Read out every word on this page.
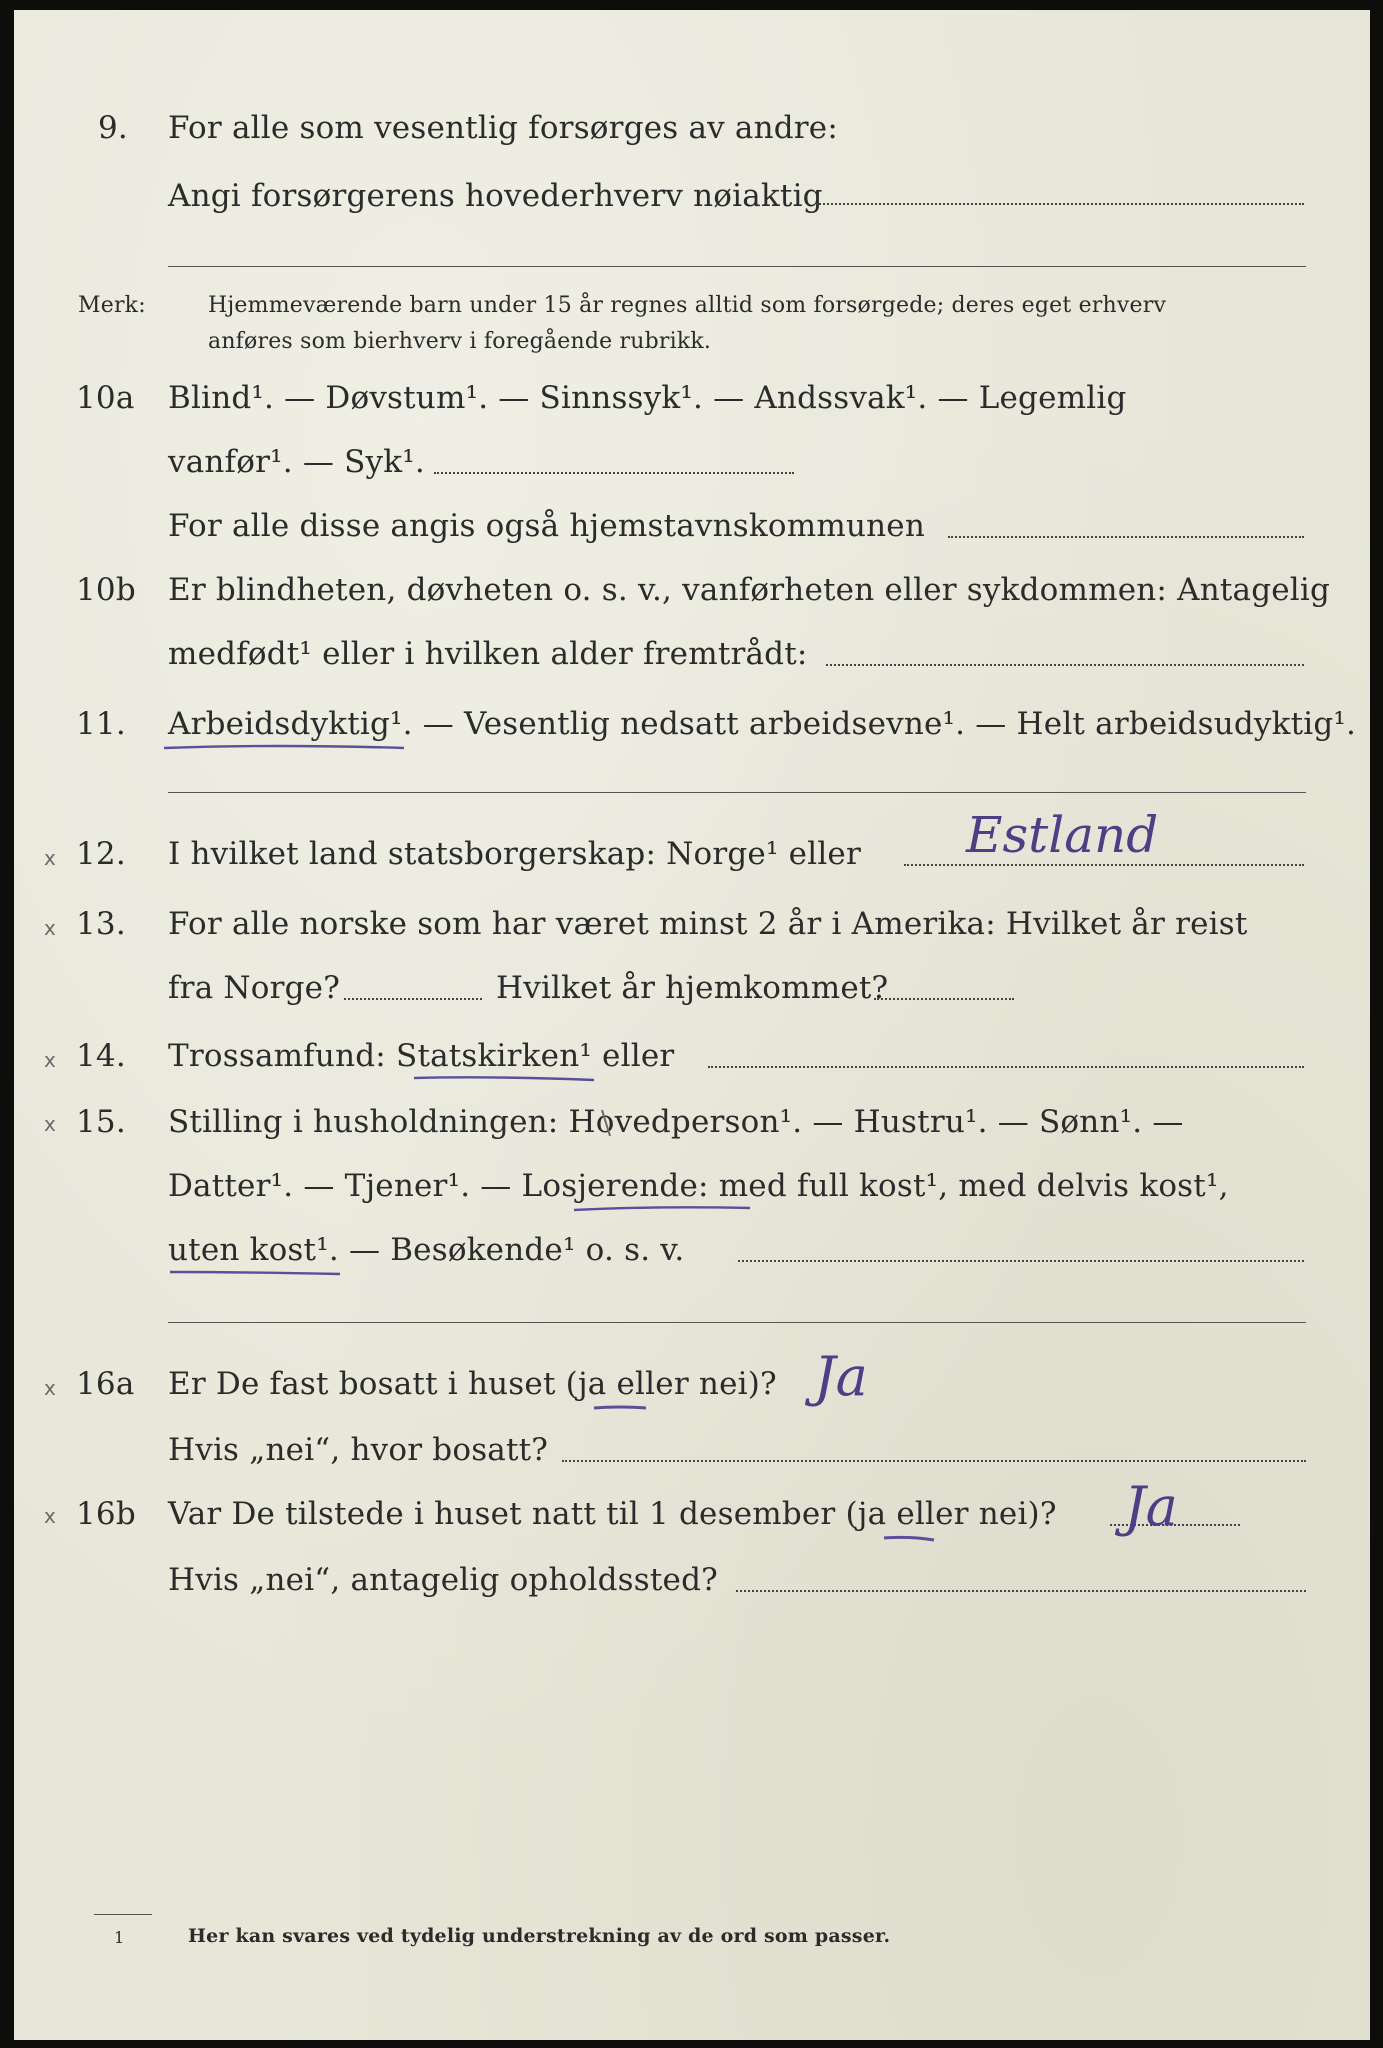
9. For alle som vesentlig forsørges av andre:
Angi forsørgerens hovederhverv nøiaktig
Merk:	Hjemmeværende barn under 15 år regnes alltid som forsørgede; deres eget erhverv
anføres som bierhverv i foregående rubrikk.
10a Blind¹. — Døvstum¹. — Sinnssyk¹. — Andssvak¹. — Legemlig
vanfør¹. — Syk¹.
For alle disse angis også hjemstavnskommunen
10b Er blindheten, døvheten o. s. v., vanførheten eller sykdommen: Antagelig
medfødt¹ eller i hvilken alder fremtrådt:
11. Arbeidsdyktig¹. — Vesentlig nedsatt arbeidsevne¹. — Helt arbeidsudyktig¹.
x 12. I hvilket land statsborgerskap: Norge¹ eller Estland
x 13. For alle norske som har været minst 2 år i Amerika: Hvilket år reist
fra Norge?	Hvilket år hjemkommet?
x 14. Trossamfund: Statskirken¹ eller
x 15. Stilling i husholdningen: Hovedperson¹. — Hustru¹. — Sønn¹. —
Datter¹. — Tjener¹. — Losjerende: med full kost¹, med delvis kost¹,
uten kost¹. — Besøkende¹ o. s. v.
x 16a Er De fast bosatt i huset (ja eller nei)? Ja
Hvis „nei“, hvor bosatt?
x 16b Var De tilstede i huset natt til 1 desember (ja eller nei)? Ja
Hvis „nei“, antagelig opholdssted?
1	Her kan svares ved tydelig understrekning av de ord som passer.
